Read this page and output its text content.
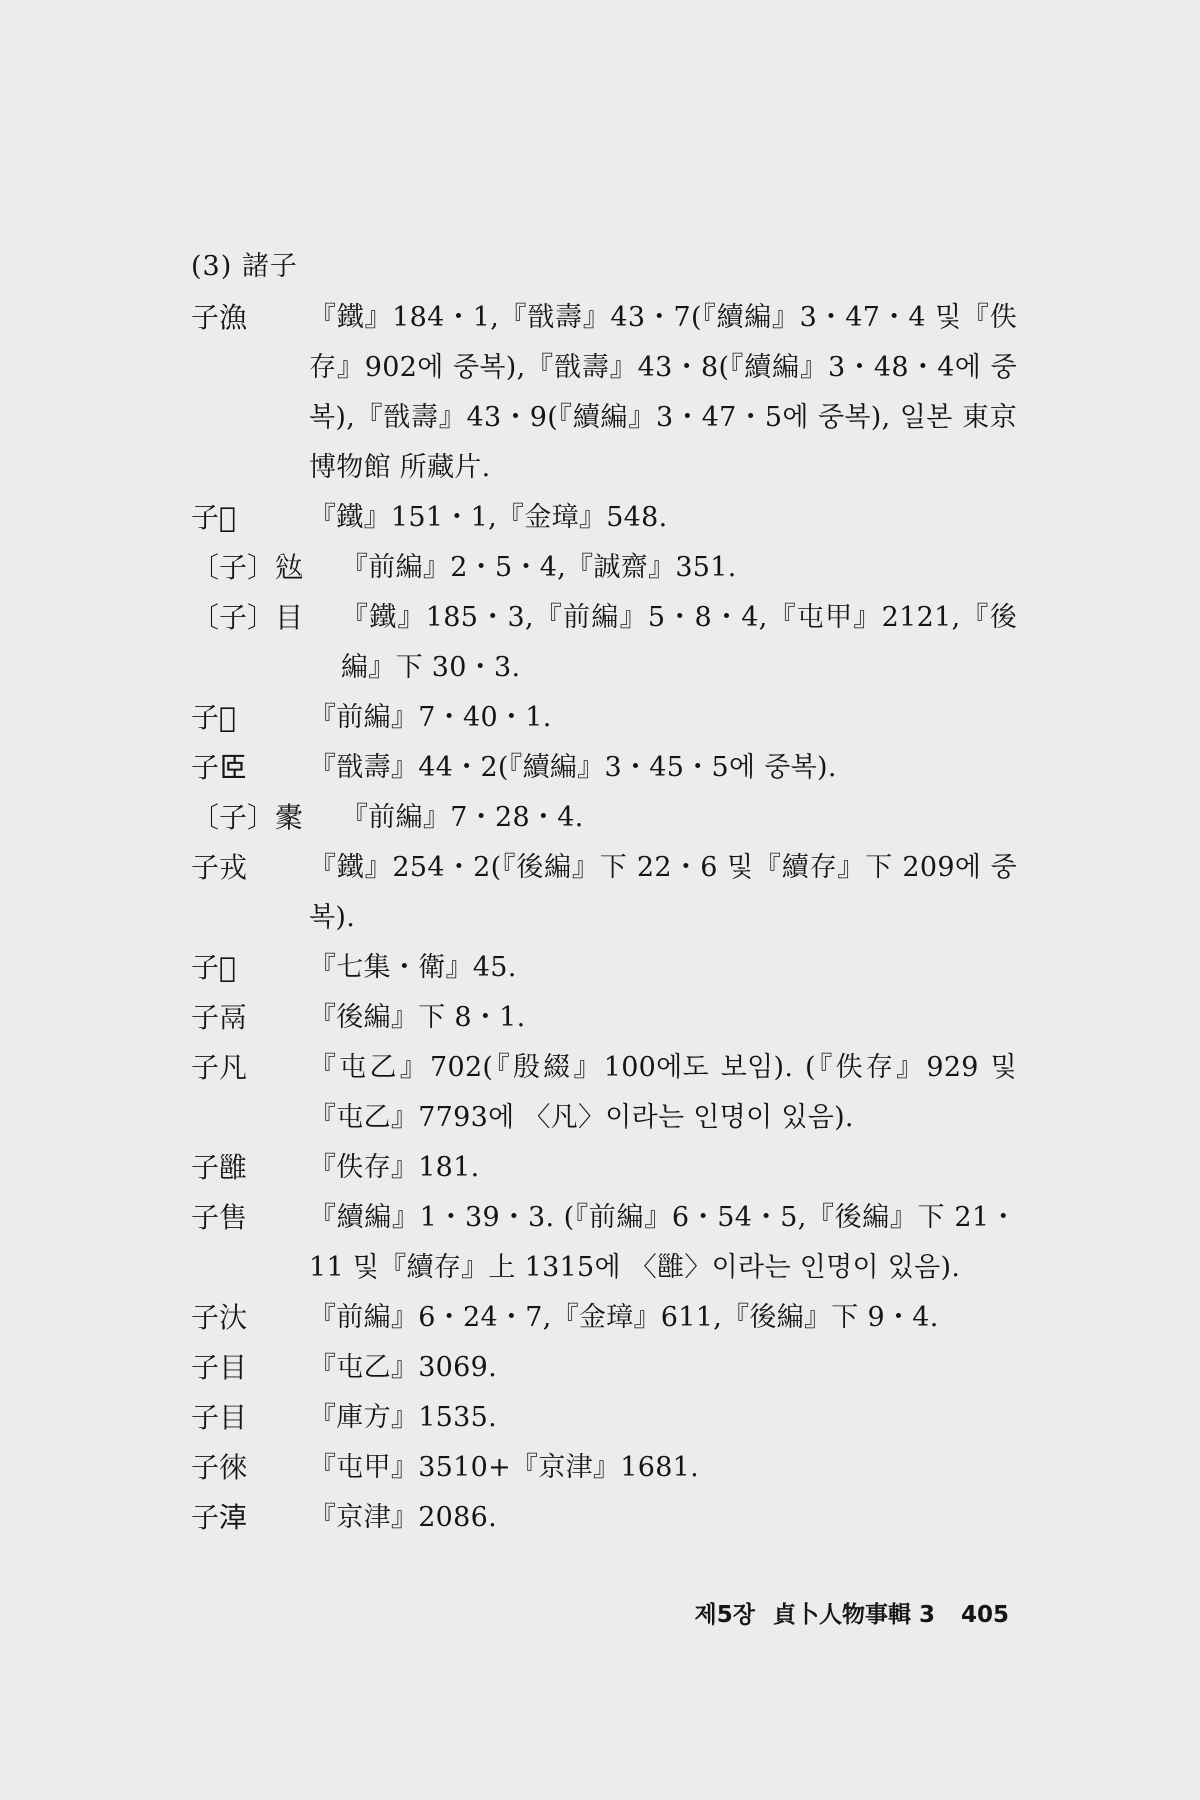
(3) 諸子
子漁	『鐵』184・1,『戩壽』43・7(『續編』3・47・4 및『佚存』902에 중복),『戩壽』43・8(『續編』3・48・4에 중복),『戩壽』43・9(『續編』3・47・5에 중복), 일본 東京博物館 所藏片.
子𡦹	『鐵』151・1,『金璋』548.
〔子〕𡜎	『前編』2・5・4,『誠齋』351.
〔子〕目	『鐵』185・3,『前編』5・8・4,『屯甲』2121,『後編』下 30・3.
子𨛜	『前編』7・40・1.
子𦣞	『戩壽』44・2(『續編』3・45・5에 중복).
〔子〕㯻	『前編』7・28・4.
子戎	『鐵』254・2(『後編』下 22・6 및『續存』下 209에 중복).
子𨨈	『七集・衛』45.
子鬲	『後編』下 8・1.
子凡	『屯乙』702(『殷綴』100에도 보임). (『佚存』929 및『屯乙』7793에 〈凡〉이라는 인명이 있음).
子雝	『佚存』181.
子售	『續編』1・39・3. (『前編』6・54・5,『後編』下 21・11 및『續存』上 1315에 〈雝〉이라는 인명이 있음).
子汏	『前編』6・24・7,『金璋』611,『後編』下 9・4.
子目	『屯乙』3069.
子目	『庫方』1535.
子徠	『屯甲』3510+『京津』1681.
子𣶃	『京津』2086.
제5장 貞卜人物事輯 3 405
